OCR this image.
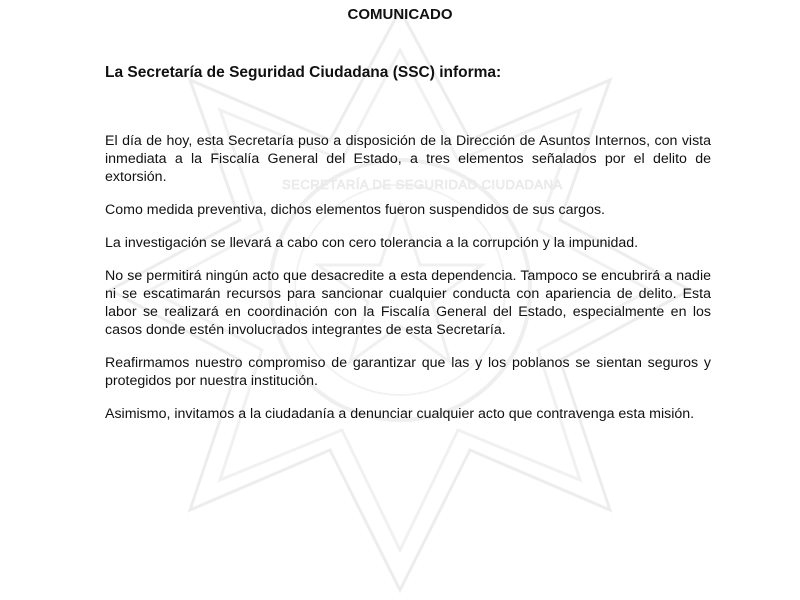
SECRETARÍA DE SEGURIDAD CIUDADANA
COMUNICADO
La Secretaría de Seguridad Ciudadana (SSC) informa:

El día de hoy, esta Secretaría puso a disposición de la Dirección de Asuntos Internos, con vista inmediata a la Fiscalía General del Estado, a tres elementos señalados por el delito de extorsión.

Como medida preventiva, dichos elementos fueron suspendidos de sus cargos.

La investigación se llevará a cabo con cero tolerancia a la corrupción y la impunidad.

No se permitirá ningún acto que desacredite a esta dependencia. Tampoco se encubrirá a nadie ni se escatimarán recursos para sancionar cualquier conducta con apariencia de delito. Esta labor se realizará en coordinación con la Fiscalía General del Estado, especialmente en los casos donde estén involucrados integrantes de esta Secretaría.

Reafirmamos nuestro compromiso de garantizar que las y los poblanos se sientan seguros y protegidos por nuestra institución.

Asimismo, invitamos a la ciudadanía a denunciar cualquier acto que contravenga esta misión.
